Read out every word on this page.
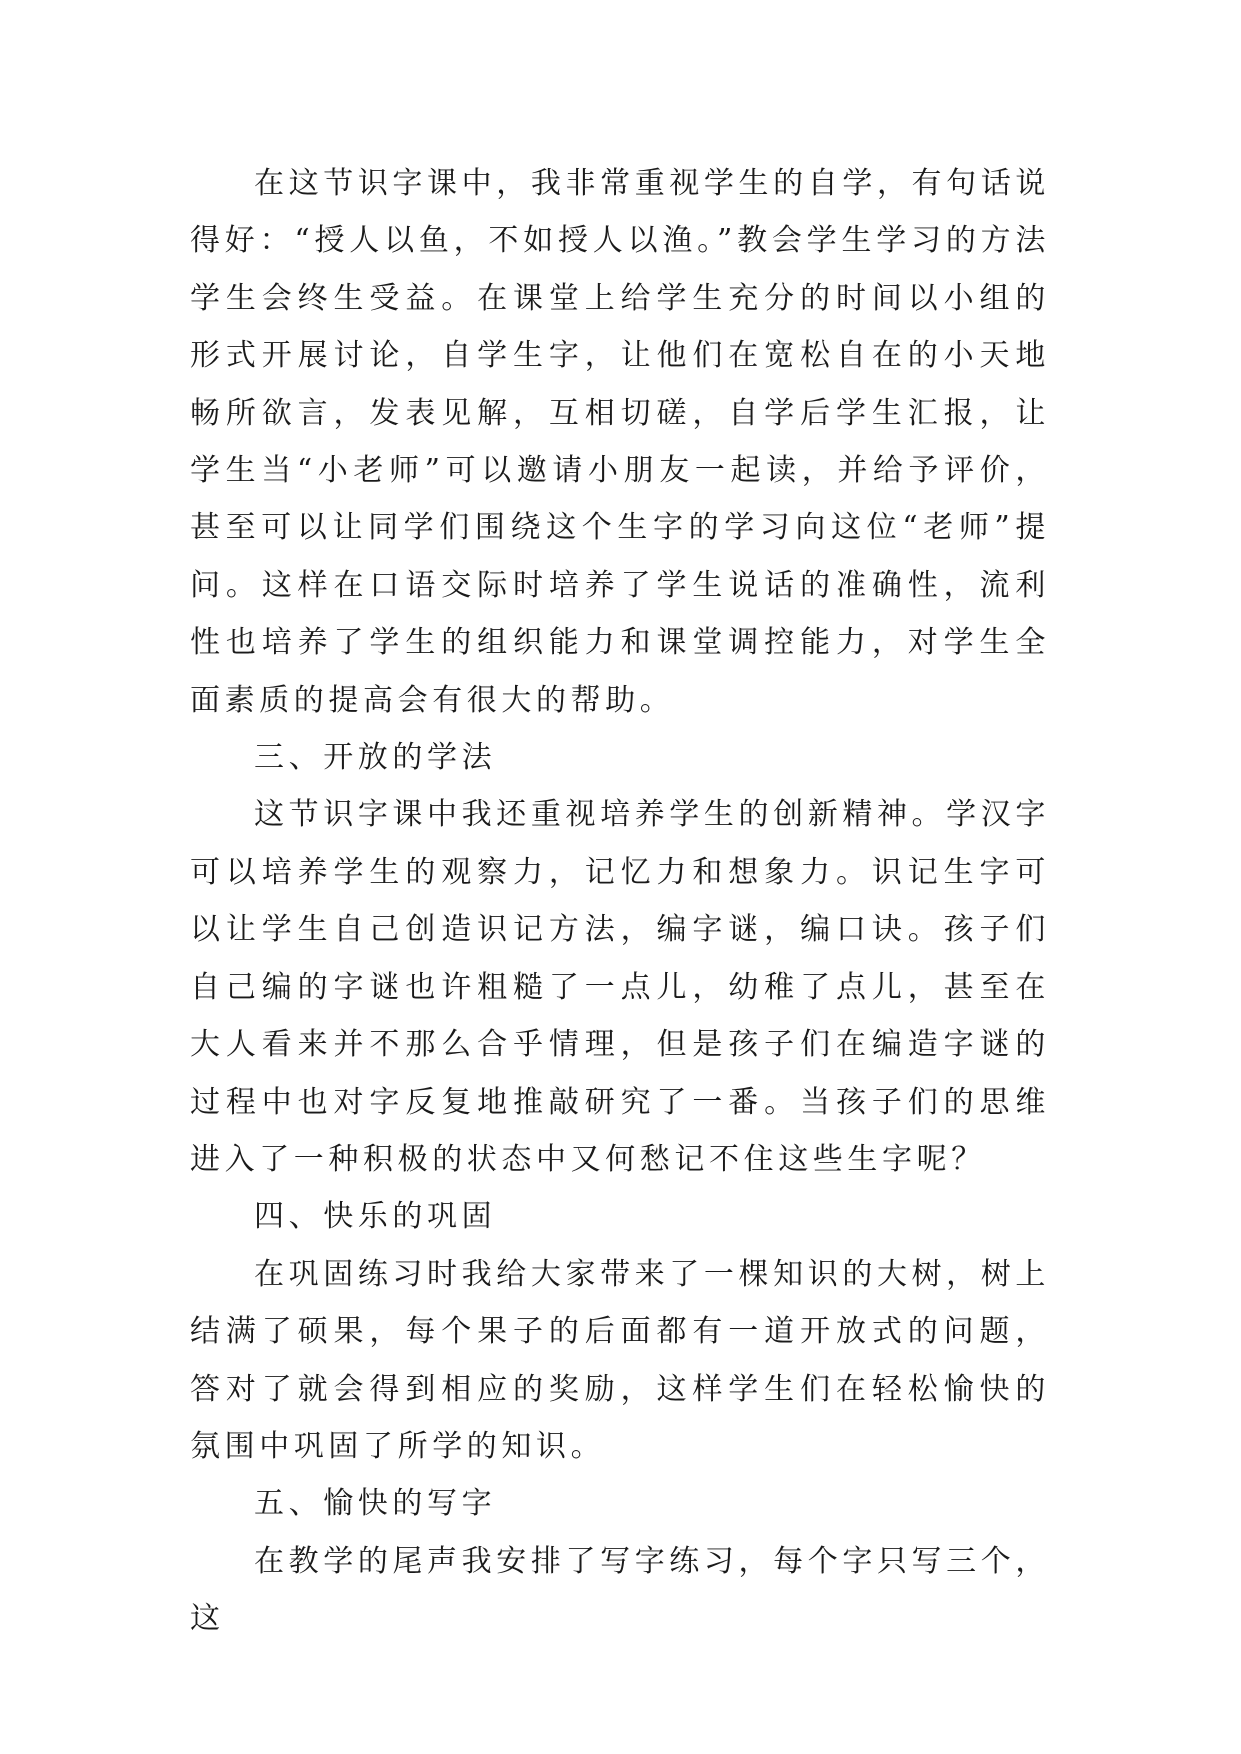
在这节识字课中，我非常重视学生的自学，有句话说得好：“授人以鱼，不如授人以渔。”教会学生学习的方法学生会终生受益。在课堂上给学生充分的时间以小组的形式开展讨论，自学生字，让他们在宽松自在的小天地畅所欲言，发表见解，互相切磋，自学后学生汇报，让学生当“小老师”可以邀请小朋友一起读，并给予评价，甚至可以让同学们围绕这个生字的学习向这位“老师”提问。这样在口语交际时培养了学生说话的准确性，流利性也培养了学生的组织能力和课堂调控能力，对学生全面素质的提高会有很大的帮助。

三、开放的学法

这节识字课中我还重视培养学生的创新精神。学汉字可以培养学生的观察力，记忆力和想象力。识记生字可以让学生自己创造识记方法，编字谜，编口诀。孩子们自己编的字谜也许粗糙了一点儿，幼稚了点儿，甚至在大人看来并不那么合乎情理，但是孩子们在编造字谜的过程中也对字反复地推敲研究了一番。当孩子们的思维进入了一种积极的状态中又何愁记不住这些生字呢？

四、快乐的巩固

在巩固练习时我给大家带来了一棵知识的大树，树上结满了硕果，每个果子的后面都有一道开放式的问题，答对了就会得到相应的奖励，这样学生们在轻松愉快的氛围中巩固了所学的知识。

五、愉快的写字

在教学的尾声我安排了写字练习，每个字只写三个，这
